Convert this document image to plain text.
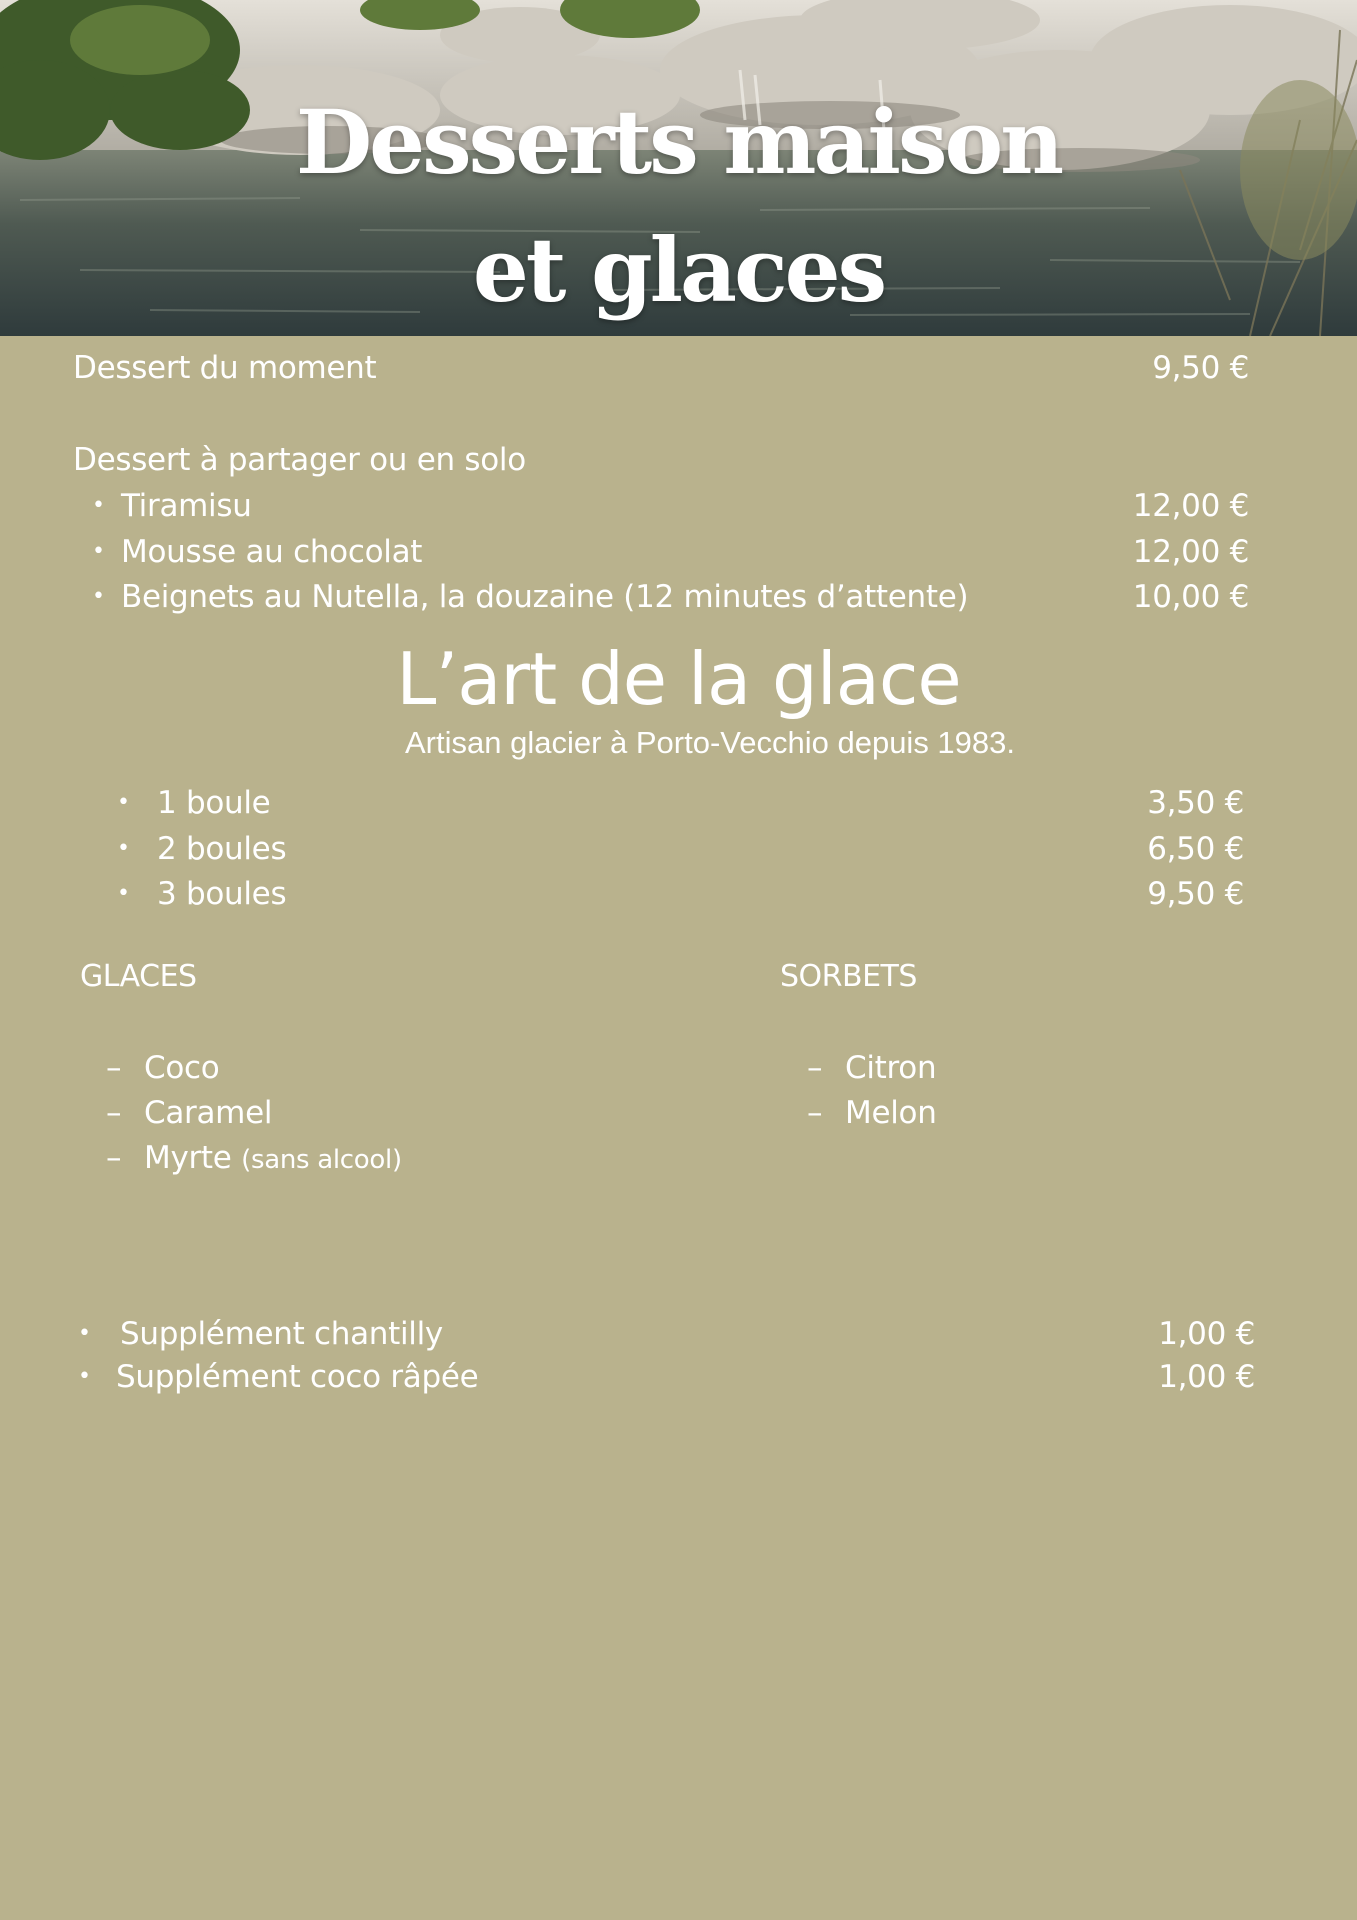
Desserts maison
et glaces
Dessert du moment	9,50 €
Dessert à partager ou en solo
• Tiramisu	12,00 €
• Mousse au chocolat	12,00 €
• Beignets au Nutella, la douzaine (12 minutes d’attente)	10,00 €
L’art de la glace
Artisan glacier à Porto-Vecchio depuis 1983.
• 1 boule	3,50 €
• 2 boules	6,50 €
• 3 boules	9,50 €
GLACES	SORBETS
– Coco
– Caramel
– Myrte (sans alcool)
– Citron
– Melon
• Supplément chantilly	1,00 €
• Supplément coco râpée	1,00 €
